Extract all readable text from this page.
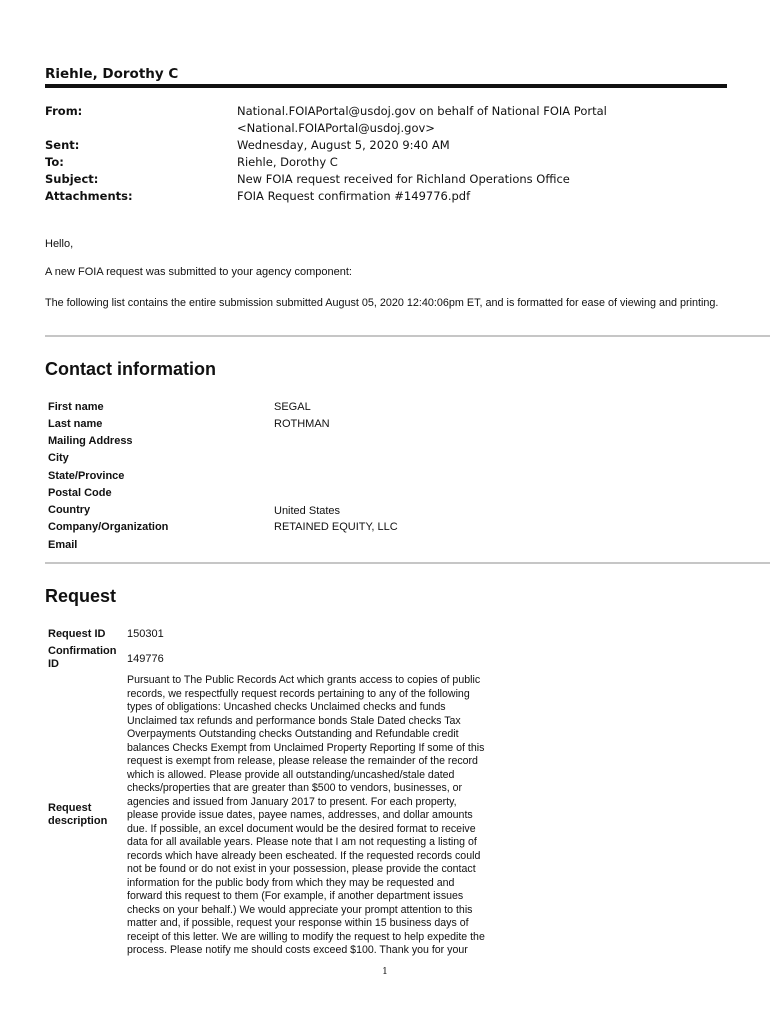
Riehle, Dorothy C
From:	National.FOIAPortal@usdoj.gov on behalf of National FOIA Portal
<National.FOIAPortal@usdoj.gov>
Sent:	Wednesday, August 5, 2020 9:40 AM
To:	Riehle, Dorothy C
Subject:	New FOIA request received for Richland Operations Office
Attachments:	FOIA Request confirmation #149776.pdf
Hello,
A new FOIA request was submitted to your agency component:
The following list contains the entire submission submitted August 05, 2020 12:40:06pm ET, and is formatted for ease of viewing and printing.
Contact information
First name	SEGAL
Last name	ROTHMAN
Mailing Address
City
State/Province
Postal Code
Country	United States
Company/Organization	RETAINED EQUITY, LLC
Email
Request
Request ID 150301
Confirmation
ID	149776
Request
description
Pursuant to The Public Records Act which grants access to copies of public
records, we respectfully request records pertaining to any of the following
types of obligations: Uncashed checks Unclaimed checks and funds
Unclaimed tax refunds and performance bonds Stale Dated checks Tax
Overpayments Outstanding checks Outstanding and Refundable credit
balances Checks Exempt from Unclaimed Property Reporting If some of this
request is exempt from release, please release the remainder of the record
which is allowed. Please provide all outstanding/uncashed/stale dated
checks/properties that are greater than $500 to vendors, businesses, or
agencies and issued from January 2017 to present. For each property,
please provide issue dates, payee names, addresses, and dollar amounts
due. If possible, an excel document would be the desired format to receive
data for all available years. Please note that I am not requesting a listing of
records which have already been escheated. If the requested records could
not be found or do not exist in your possession, please provide the contact
information for the public body from which they may be requested and
forward this request to them (For example, if another department issues
checks on your behalf.) We would appreciate your prompt attention to this
matter and, if possible, request your response within 15 business days of
receipt of this letter. We are willing to modify the request to help expedite the
process. Please notify me should costs exceed $100. Thank you for your
1
